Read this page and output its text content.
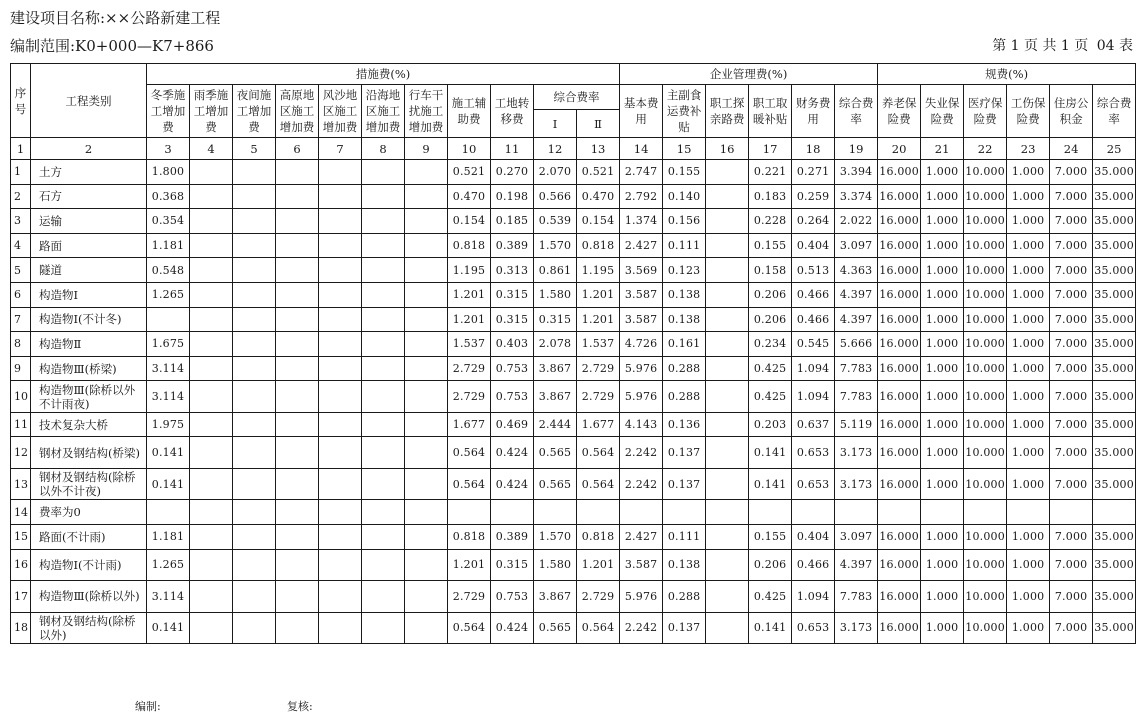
建设项目名称:××公路新建工程
编制范围:K0+000—K7+866	第 1 页 共 1 页 04 表
序号	工程类别	措施费(%)											企业管理费(%)						规费(%)					
		冬季施工增加费	雨季施工增加费	夜间施工增加费	高原地区施工增加费	风沙地区施工增加费	沿海地区施工增加费	行车干扰施工增加费	施工辅助费	工地转移费	综合费率		基本费用	主副食运费补贴	职工探亲路费	职工取暖补贴	财务费用	综合费率	养老保险费	失业保险费	医疗保险费	工伤保险费	住房公积金	综合费率
											Ⅰ	Ⅱ												
1	2	3	4	5	6	7	8	9	10	11	12	13	14	15	16	17	18	19	20	21	22	23	24	25
1	土方	1.800							0.521	0.270	2.070	0.521	2.747	0.155		0.221	0.271	3.394	16.000	1.000	10.000	1.000	7.000	35.000
2	石方	0.368							0.470	0.198	0.566	0.470	2.792	0.140		0.183	0.259	3.374	16.000	1.000	10.000	1.000	7.000	35.000
3	运输	0.354							0.154	0.185	0.539	0.154	1.374	0.156		0.228	0.264	2.022	16.000	1.000	10.000	1.000	7.000	35.000
4	路面	1.181							0.818	0.389	1.570	0.818	2.427	0.111		0.155	0.404	3.097	16.000	1.000	10.000	1.000	7.000	35.000
5	隧道	0.548							1.195	0.313	0.861	1.195	3.569	0.123		0.158	0.513	4.363	16.000	1.000	10.000	1.000	7.000	35.000
6	构造物Ⅰ	1.265							1.201	0.315	1.580	1.201	3.587	0.138		0.206	0.466	4.397	16.000	1.000	10.000	1.000	7.000	35.000
7	构造物Ⅰ(不计冬)								1.201	0.315	0.315	1.201	3.587	0.138		0.206	0.466	4.397	16.000	1.000	10.000	1.000	7.000	35.000
8	构造物Ⅱ	1.675							1.537	0.403	2.078	1.537	4.726	0.161		0.234	0.545	5.666	16.000	1.000	10.000	1.000	7.000	35.000
9	构造物Ⅲ(桥梁)	3.114							2.729	0.753	3.867	2.729	5.976	0.288		0.425	1.094	7.783	16.000	1.000	10.000	1.000	7.000	35.000
10	构造物Ⅲ(除桥以外不计雨夜)	3.114							2.729	0.753	3.867	2.729	5.976	0.288		0.425	1.094	7.783	16.000	1.000	10.000	1.000	7.000	35.000
11	技术复杂大桥	1.975							1.677	0.469	2.444	1.677	4.143	0.136		0.203	0.637	5.119	16.000	1.000	10.000	1.000	7.000	35.000
12	钢材及钢结构(桥梁)	0.141							0.564	0.424	0.565	0.564	2.242	0.137		0.141	0.653	3.173	16.000	1.000	10.000	1.000	7.000	35.000
13	钢材及钢结构(除桥以外不计夜)	0.141							0.564	0.424	0.565	0.564	2.242	0.137		0.141	0.653	3.173	16.000	1.000	10.000	1.000	7.000	35.000
14	费率为0																							
15	路面(不计雨)	1.181							0.818	0.389	1.570	0.818	2.427	0.111		0.155	0.404	3.097	16.000	1.000	10.000	1.000	7.000	35.000
16	构造物Ⅰ(不计雨)	1.265							1.201	0.315	1.580	1.201	3.587	0.138		0.206	0.466	4.397	16.000	1.000	10.000	1.000	7.000	35.000
17	构造物Ⅲ(除桥以外)	3.114							2.729	0.753	3.867	2.729	5.976	0.288		0.425	1.094	7.783	16.000	1.000	10.000	1.000	7.000	35.000
18	钢材及钢结构(除桥以外)	0.141							0.564	0.424	0.565	0.564	2.242	0.137		0.141	0.653	3.173	16.000	1.000	10.000	1.000	7.000	35.000
编制:	复核:
